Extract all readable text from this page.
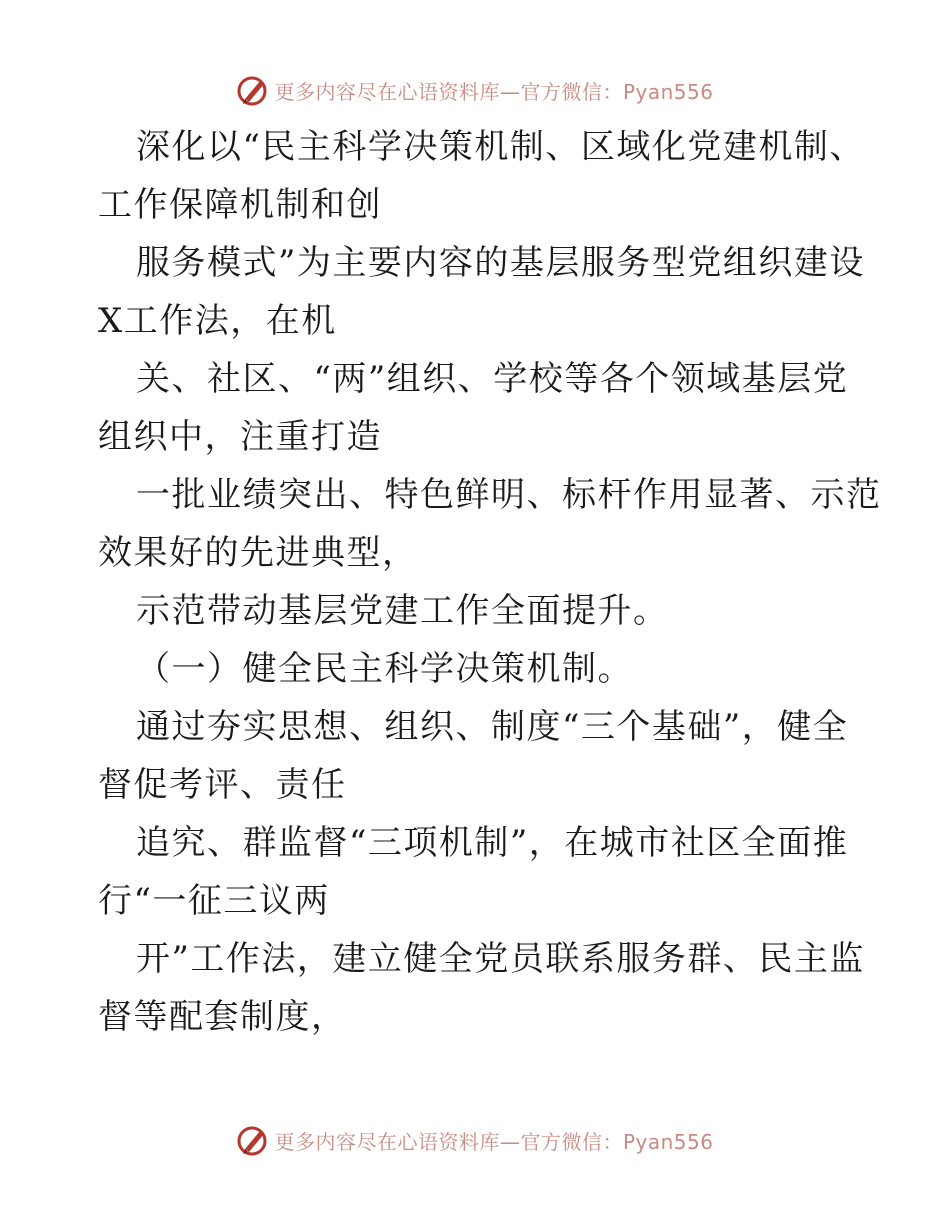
更多内容尽在心语资料库—官方微信：Pyan556

深化以“民主科学决策机制、区域化党建机制、

工作保障机制和创

服务模式”为主要内容的基层服务型党组织建设

X工作法，在机

关、社区、“两”组织、学校等各个领域基层党

组织中，注重打造

一批业绩突出、特色鲜明、标杆作用显著、示范

效果好的先进典型，

示范带动基层党建工作全面提升。

（一）健全民主科学决策机制。

通过夯实思想、组织、制度“三个基础”，健全

督促考评、责任

追究、群监督“三项机制”，在城市社区全面推

行“一征三议两

开”工作法，建立健全党员联系服务群、民主监

督等配套制度，

更多内容尽在心语资料库—官方微信：Pyan556
